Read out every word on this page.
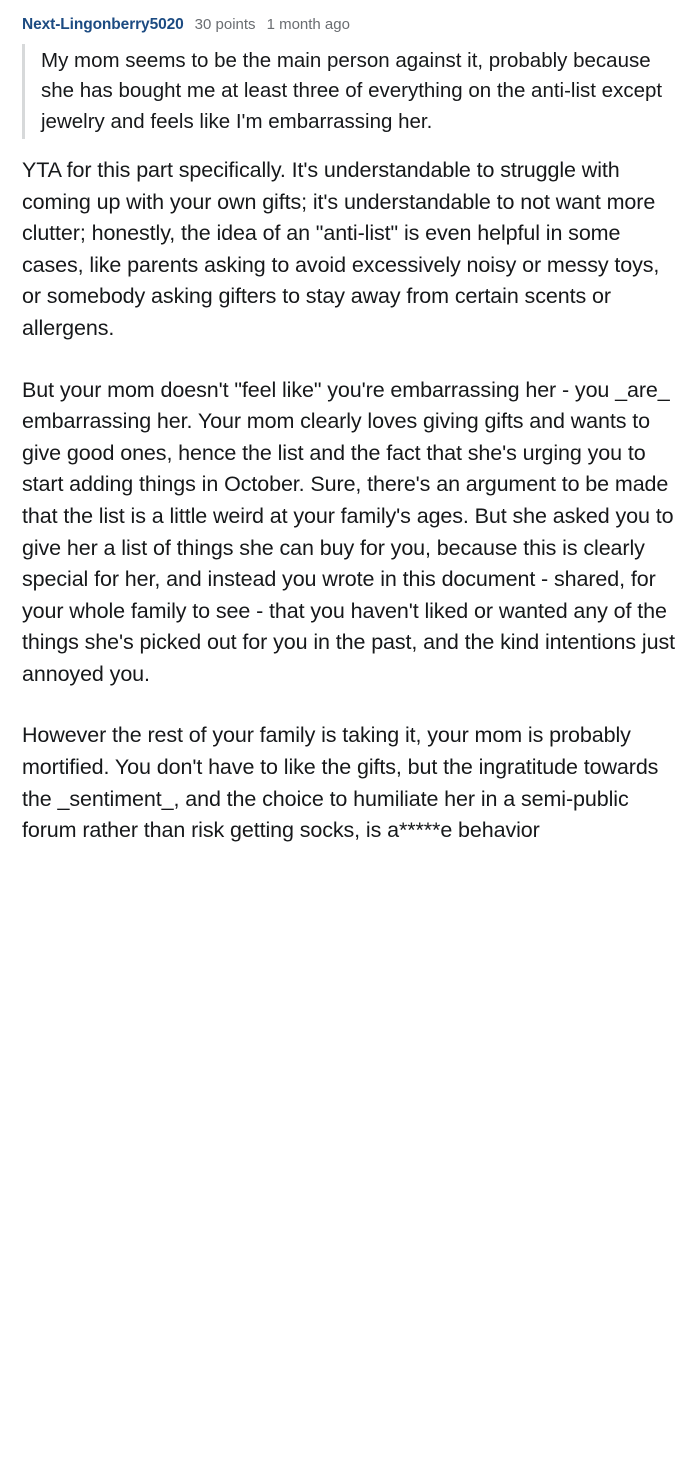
Next-Lingonberry5020 30 points 1 month ago

My mom seems to be the main person against it, probably because she has bought me at least three of everything on the anti-list except jewelry and feels like I'm embarrassing her.

YTA for this part specifically. It's understandable to struggle with coming up with your own gifts; it's understandable to not want more clutter; honestly, the idea of an "anti-list" is even helpful in some cases, like parents asking to avoid excessively noisy or messy toys, or somebody asking gifters to stay away from certain scents or allergens.

But your mom doesn't "feel like" you're embarrassing her - you _are_ embarrassing her. Your mom clearly loves giving gifts and wants to give good ones, hence the list and the fact that she's urging you to start adding things in October. Sure, there's an argument to be made that the list is a little weird at your family's ages. But she asked you to give her a list of things she can buy for you, because this is clearly special for her, and instead you wrote in this document - shared, for your whole family to see - that you haven't liked or wanted any of the things she's picked out for you in the past, and the kind intentions just annoyed you.

However the rest of your family is taking it, your mom is probably mortified. You don't have to like the gifts, but the ingratitude towards the _sentiment_, and the choice to humiliate her in a semi-public forum rather than risk getting socks, is a*****e behavior
